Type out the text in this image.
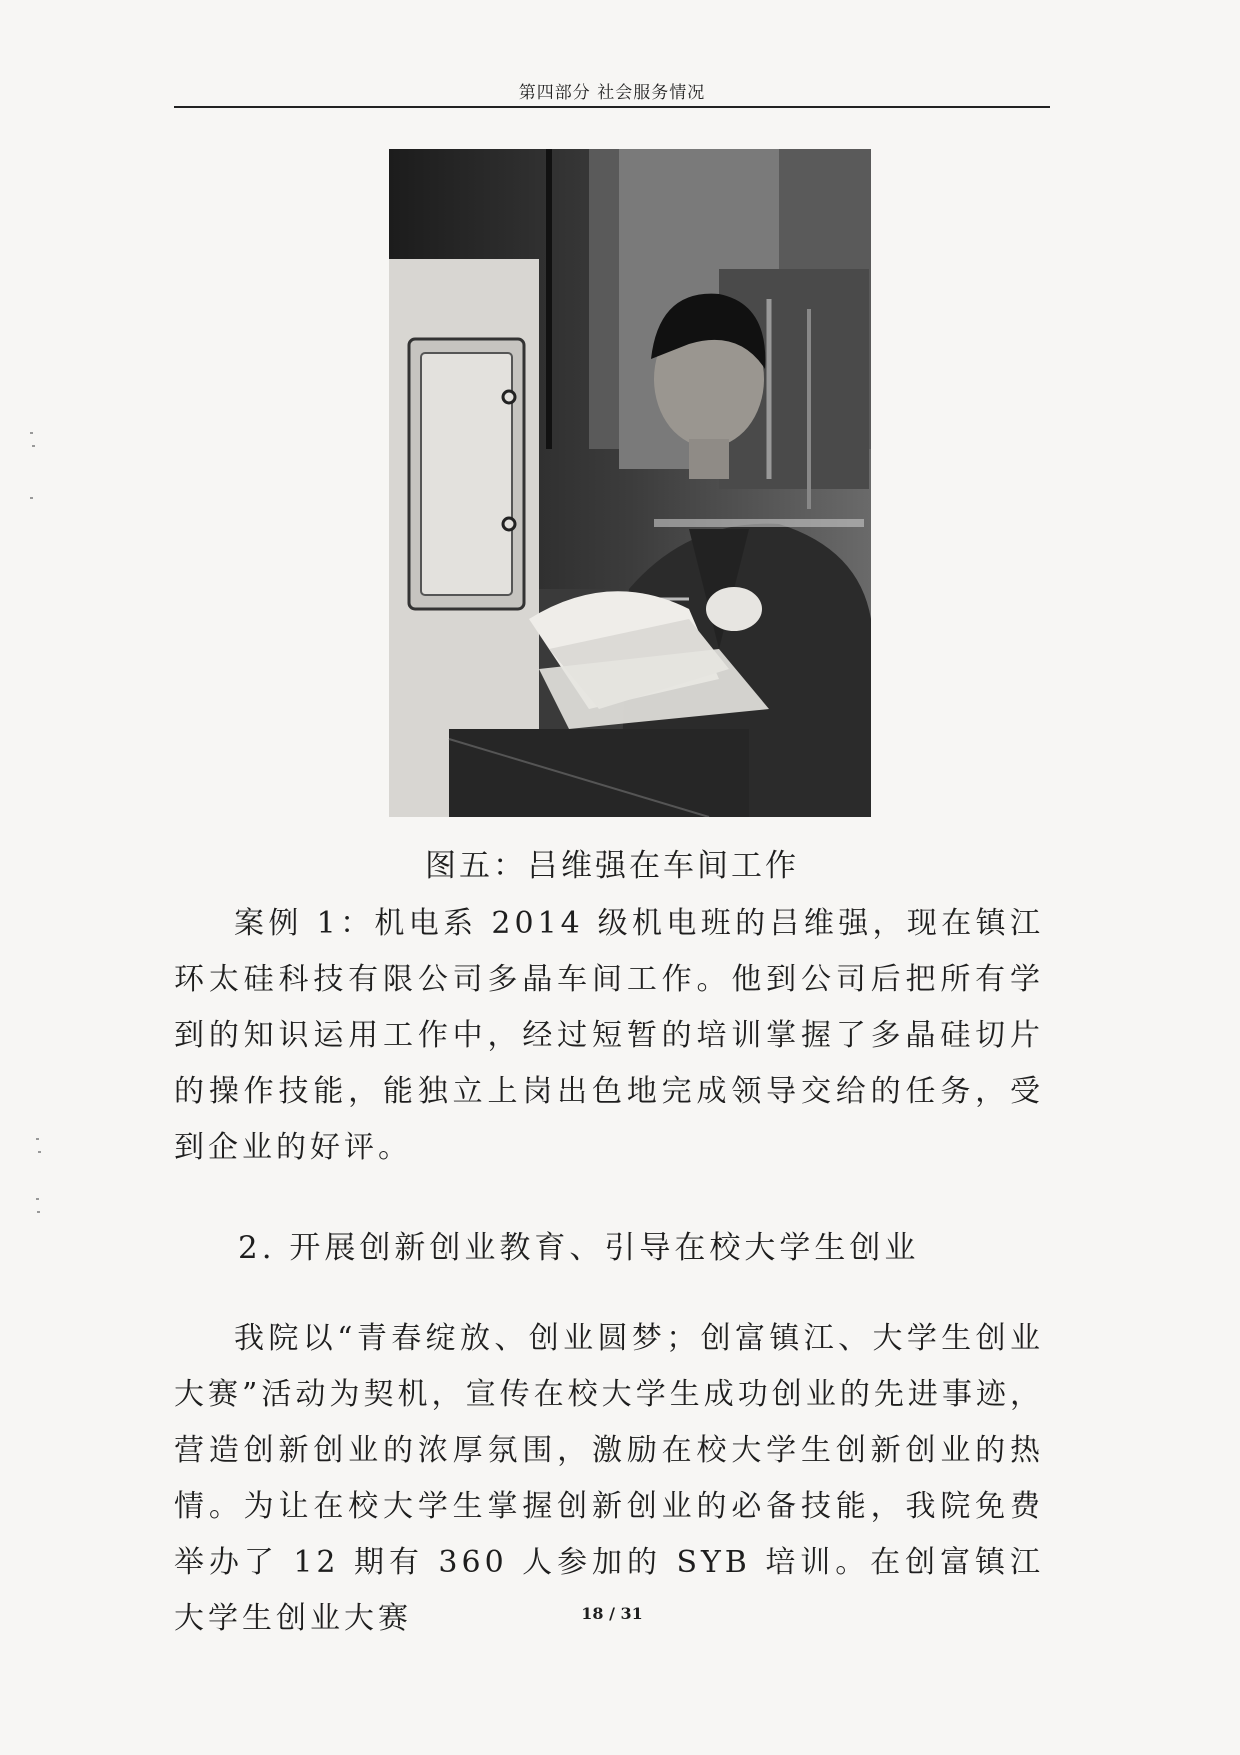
第四部分 社会服务情况
图五：吕维强在车间工作
案例 1：机电系 2014 级机电班的吕维强，现在镇江环太硅科技有限公司多晶车间工作。他到公司后把所有学到的知识运用工作中，经过短暂的培训掌握了多晶硅切片的操作技能，能独立上岗出色地完成领导交给的任务，受到企业的好评。
2. 开展创新创业教育、引导在校大学生创业
我院以“青春绽放、创业圆梦；创富镇江、大学生创业大赛”活动为契机，宣传在校大学生成功创业的先进事迹，营造创新创业的浓厚氛围，激励在校大学生创新创业的热情。为让在校大学生掌握创新创业的必备技能，我院免费举办了 12 期有 360 人参加的 SYB 培训。在创富镇江大学生创业大赛	18 / 31
